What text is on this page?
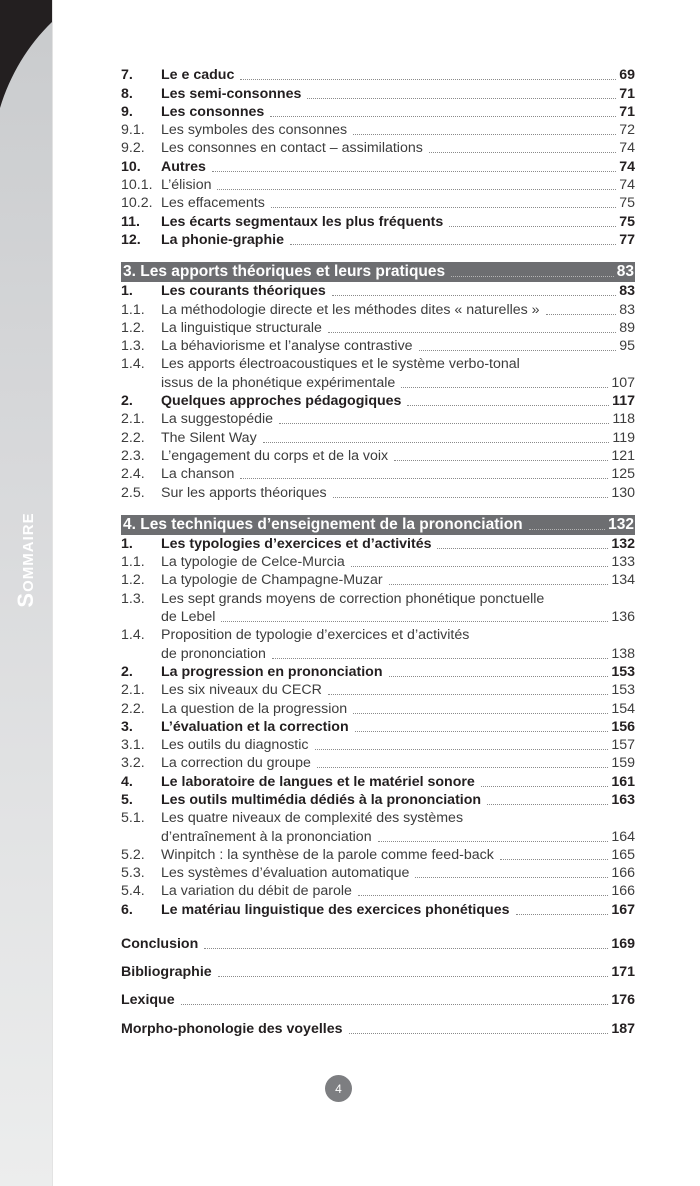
Sommaire
7.	Le e caduc	69
8.	Les semi-consonnes	71
9.	Les consonnes	71
9.1.	Les symboles des consonnes	72
9.2.	Les consonnes en contact – assimilations	74
10.	Autres	74
10.1. L’élision	74
10.2. Les effacements	75
11.	Les écarts segmentaux les plus fréquents	75
12.	La phonie-graphie	77
3. Les apports théoriques et leurs pratiques	83
1.	Les courants théoriques	83
1.1.	La méthodologie directe et les méthodes dites « naturelles »	83
1.2.	La linguistique structurale	89
1.3.	La béhaviorisme et l’analyse contrastive	95
1.4.	Les apports électroacoustiques et le système verbo-tonal
issus de la phonétique expérimentale	107
2.	Quelques approches pédagogiques	117
2.1.	La suggestopédie	118
2.2.	The Silent Way	119
2.3.	L’engagement du corps et de la voix	121
2.4.	La chanson	125
2.5.	Sur les apports théoriques	130
4. Les techniques d’enseignement de la prononciation	132
1.	Les typologies d’exercices et d’activités	132
1.1.	La typologie de Celce-Murcia	133
1.2.	La typologie de Champagne-Muzar	134
1.3.	Les sept grands moyens de correction phonétique ponctuelle
de Lebel	136
1.4.	Proposition de typologie d’exercices et d’activités
de prononciation	138
2.	La progression en prononciation	153
2.1.	Les six niveaux du CECR	153
2.2.	La question de la progression	154
3.	L’évaluation et la correction	156
3.1.	Les outils du diagnostic	157
3.2.	La correction du groupe	159
4.	Le laboratoire de langues et le matériel sonore	161
5.	Les outils multimédia dédiés à la prononciation	163
5.1.	Les quatre niveaux de complexité des systèmes
d’entraînement à la prononciation	164
5.2.	Winpitch : la synthèse de la parole comme feed-back	165
5.3.	Les systèmes d’évaluation automatique	166
5.4.	La variation du débit de parole	166
6.	Le matériau linguistique des exercices phonétiques	167
Conclusion	169
Bibliographie	171
Lexique	176
Morpho-phonologie des voyelles	187
4
